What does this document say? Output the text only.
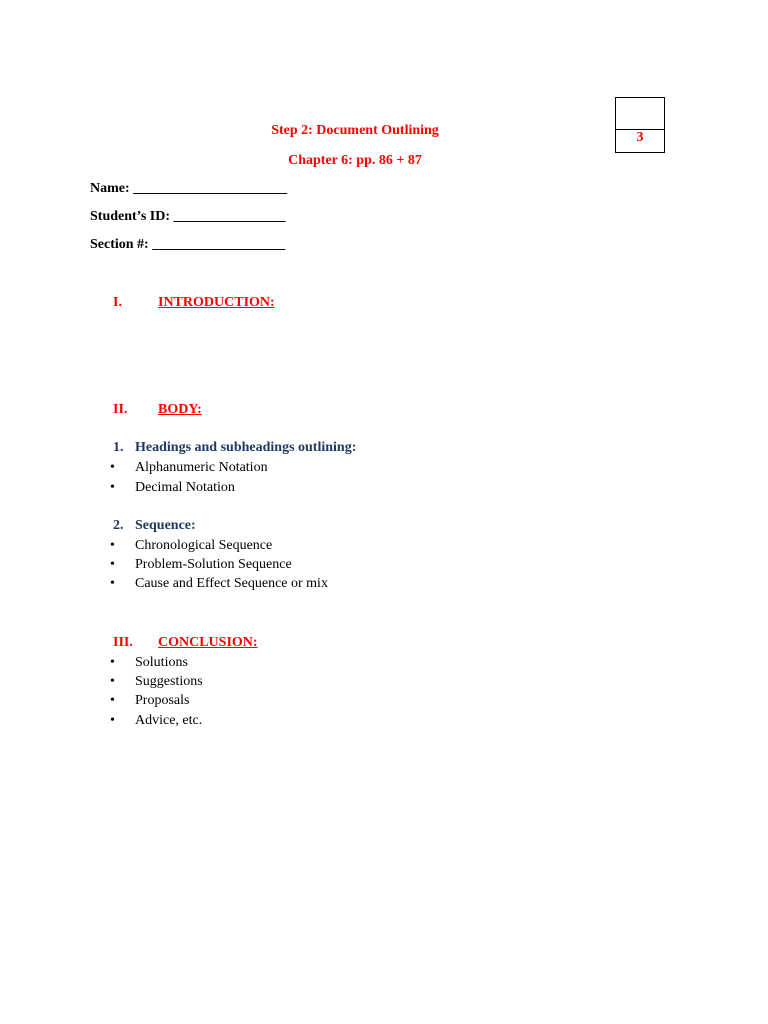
Step 2: Document Outlining
Chapter 6: pp. 86 + 87
3
Name: ______________________
Student’s ID: ________________
Section #: ___________________
I.	INTRODUCTION:
II. BODY:
1. Headings and subheadings outlining:
• Alphanumeric Notation
• Decimal Notation
2. Sequence:
• Chronological Sequence
• Problem-Solution Sequence
• Cause and Effect Sequence or mix
III. CONCLUSION:
• Solutions
• Suggestions
• Proposals
• Advice, etc.
